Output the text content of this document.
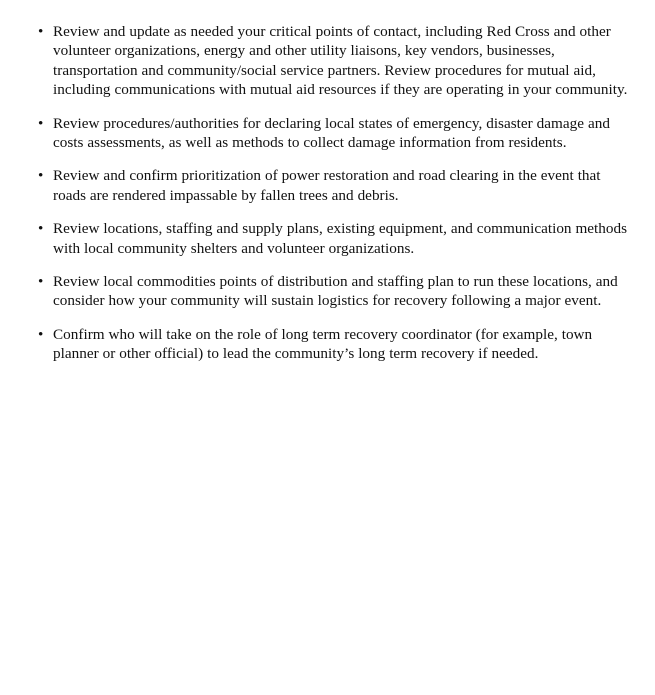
• Review and update as needed your critical points of contact, including Red Cross and other volunteer organizations, energy and other utility liaisons, key vendors, businesses, transportation and community/social service partners. Review procedures for mutual aid, including communications with mutual aid resources if they are operating in your community.
• Review procedures/authorities for declaring local states of emergency, disaster damage and costs assessments, as well as methods to collect damage information from residents.
• Review and confirm prioritization of power restoration and road clearing in the event that roads are rendered impassable by fallen trees and debris.
• Review locations, staffing and supply plans, existing equipment, and communication methods with local community shelters and volunteer organizations.
• Review local commodities points of distribution and staffing plan to run these locations, and consider how your community will sustain logistics for recovery following a major event.
• Confirm who will take on the role of long term recovery coordinator (for example, town planner or other official) to lead the community’s long term recovery if needed.
